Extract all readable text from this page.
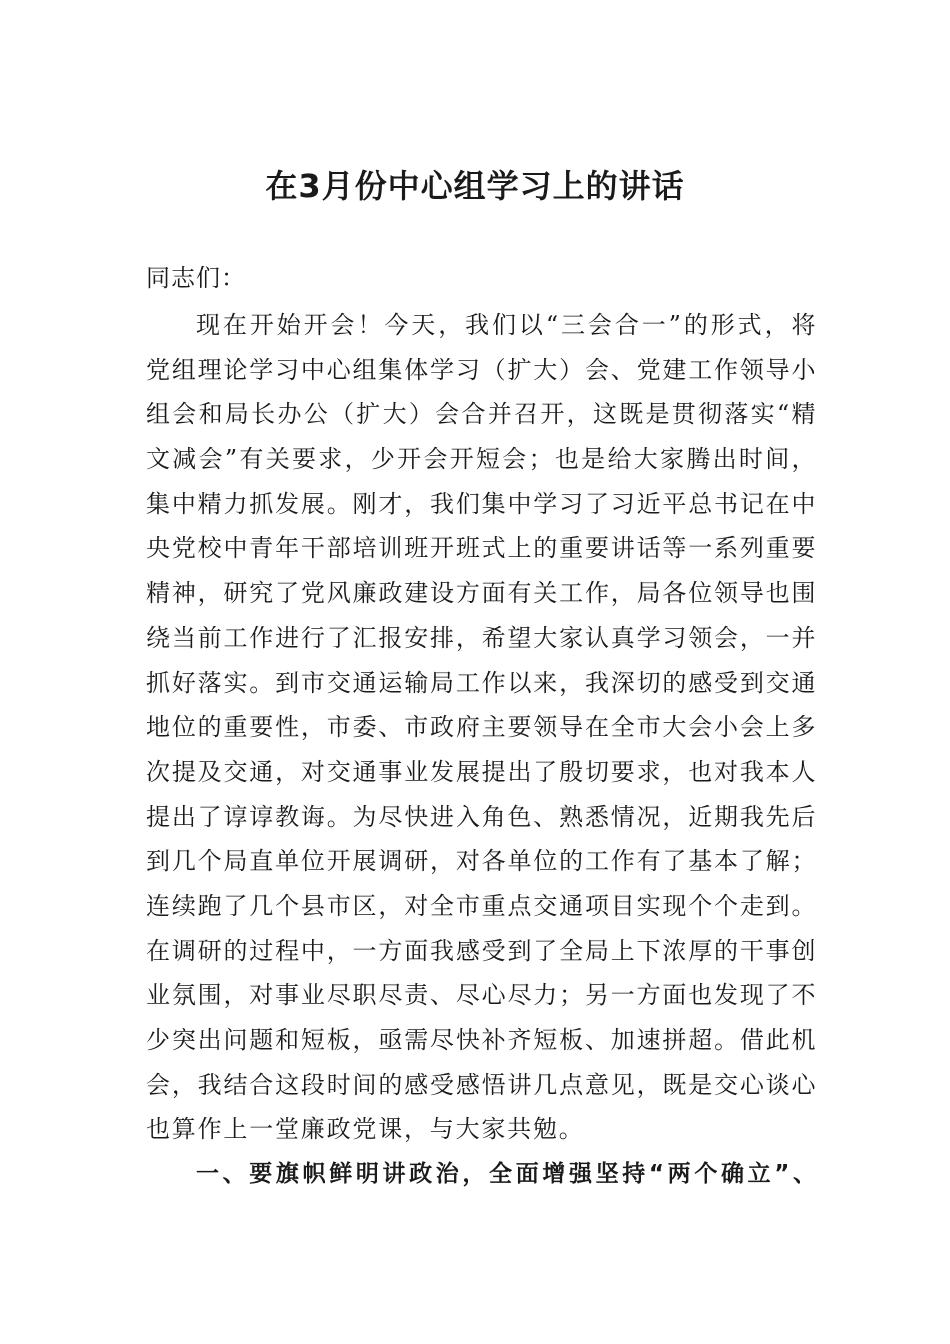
在3月份中心组学习上的讲话

同志们：

现在开始开会！今天，我们以“三会合一”的形式，将
党组理论学习中心组集体学习（扩大）会、党建工作领导小
组会和局长办公（扩大）会合并召开，这既是贯彻落实“精
文减会”有关要求，少开会开短会；也是给大家腾出时间，
集中精力抓发展。刚才，我们集中学习了习近平总书记在中
央党校中青年干部培训班开班式上的重要讲话等一系列重要
精神，研究了党风廉政建设方面有关工作，局各位领导也围
绕当前工作进行了汇报安排，希望大家认真学习领会，一并
抓好落实。到市交通运输局工作以来，我深切的感受到交通
地位的重要性，市委、市政府主要领导在全市大会小会上多
次提及交通，对交通事业发展提出了殷切要求，也对我本人
提出了谆谆教诲。为尽快进入角色、熟悉情况，近期我先后
到几个局直单位开展调研，对各单位的工作有了基本了解；
连续跑了几个县市区，对全市重点交通项目实现个个走到。
在调研的过程中，一方面我感受到了全局上下浓厚的干事创
业氛围，对事业尽职尽责、尽心尽力；另一方面也发现了不
少突出问题和短板，亟需尽快补齐短板、加速拼超。借此机
会，我结合这段时间的感受感悟讲几点意见，既是交心谈心
也算作上一堂廉政党课，与大家共勉。
一、要旗帜鲜明讲政治，全面增强坚持“两个确立”、
